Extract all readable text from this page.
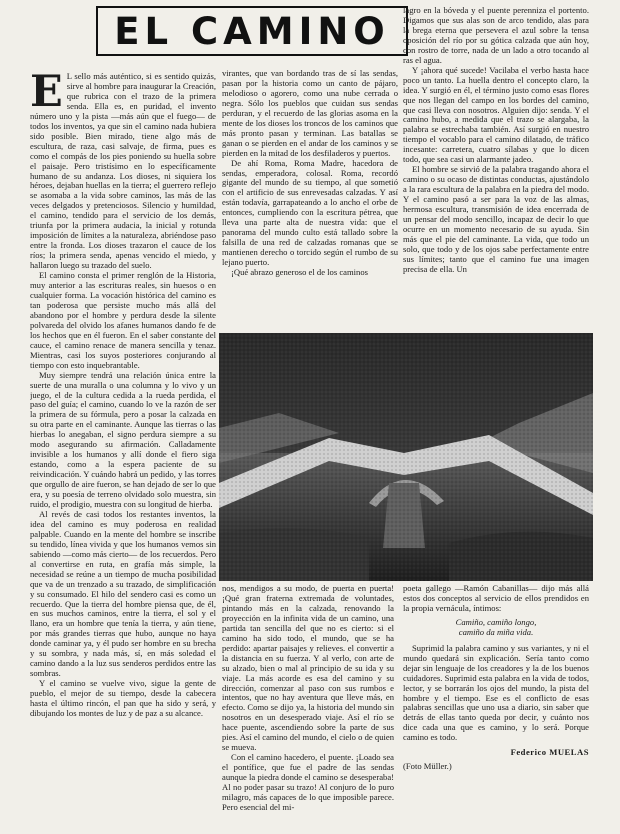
EL CAMINO

E L sello más auténtico, si es sentido quizás, sirve al hombre para inaugurar la Creación, que rubrica con el trazo de la primera senda. Ella es, en puridad, el invento número uno y la pista —más aún que el fuego— de todos los inventos, ya que sin el camino nada hubiera sido posible. Bien mirado, tiene algo más de escultura, de raza, casi salvaje, de firma, pues es como el compás de los pies poniendo su huella sobre el paisaje. Pero tristísimo en lo específicamente humano de su andanza. Los dioses, ni siquiera los héroes, dejaban huellas en la tierra; el guerrero reflejo se asomaba a la vida sobre caminos, las más de las veces delgados y pretenciosos. Silencio y humildad, el camino, tendido para el servicio de los demás, triunfa por la primera audacia, la inicial y rotunda imposición de límites a la naturaleza, abriéndose paso entre la fronda. Los dioses trazaron el cauce de los ríos; la primera senda, apenas vencido el miedo, y hallaron luego su trazado del suelo.

El camino consta el primer renglón de la Historia, muy anterior a las escrituras reales, sin huesos o en cualquier forma. La vocación histórica del camino es tan poderosa que persiste mucho más allá del abandono por el hombre y perdura desde la silente polvareda del olvido los afanes humanos dando fe de los hechos que en él fueron. En el saber constante del cauce, el camino renace de manera sencilla y tenaz. Mientras, casi los suyos posteriores conjurando al tiempo con esto inquebrantable.

Muy siempre tendrá una relación única entre la suerte de una muralla o una columna y lo vivo y un juego, el de la cultura cedida a la rueda perdida, el paso del guía; el camino, cuando lo ve la razón de ser la primera de su fórmula, pero a posar la calzada en su otra parte en el caminante. Aunque las tierras o las hierbas lo anegaban, el signo perdura siempre a su modo asegurando su afirmación. Calladamente invisible a los humanos y allí donde el fiero siga estando, como a la espera paciente de su reivindicación. Y cuándo habrá un pedido, y las torres que orgullo de aire fueron, se han dejado de ser lo que era, y su poesía de terreno olvidado solo muestra, sin ruido, el prodigio, muestra con su longitud de hierba.

Al revés de casi todos los restantes inventos, la idea del camino es muy poderosa en realidad palpable. Cuando en la mente del hombre se inscribe su tendido, línea vivida y que los humanos vemos sin sabiendo —como más cierto— de los recuerdos. Pero al convertirse en ruta, en grafía más simple, la necesidad se reúne a un tiempo de mucha posibilidad que va de un trenzado a su trazado, de simplificación y su consumado. El hilo del sendero casi es como un recuerdo. Que la tierra del hombre piensa que, de él, en sus muchos caminos, entre la tierra, el sol y el llano, era un hombre que tenía la tierra, y aún tiene, por más grandes tierras que hubo, aunque no haya donde caminar ya, y él pudo ser hombre en su brecha y su sombra, y nada más, sí, en más soledad el camino dando a la luz sus senderos perdidos entre las sombras.

Y el camino se vuelve vivo, sigue la gente de pueblo, el mejor de su tiempo, desde la cabecera hasta el último rincón, el pan que ha sido y será, y dibujando los montes de luz y de paz a su alcance.

virantes, que van bordando tras de sí las sendas, pasan por la historia como un canto de pájaro, melodioso o agorero, como una nube cerrada o negra. Sólo los pueblos que cuidan sus sendas perduran, y el recuerdo de las glorias asoma en la mente de los dioses los troncos de los caminos que más pronto pasan y terminan. Las batallas se ganan o se pierden en el andar de los caminos y se pierden en la mitad de los desfiladeros y puertos.

De ahí Roma, Roma Madre, hacedora de sendas, emperadora, colosal. Roma, recordó gigante del mundo de su tiempo, al que sometió con el artificio de sus enrevesadas calzadas. Y así están todavía, garrapateando a lo ancho el orbe de entonces, cumpliendo con la escritura pétrea, que lleva una parte alta de nuestra vida: que el panorama del mundo culto está tallado sobre la falsilla de una red de calzadas romanas que se mantienen derecho o torcido según el rumbo de su lejano puerto.

¡Qué abrazo generoso el de los caminos

lagro en la bóveda y el puente perenniza el portento. Digamos que sus alas son de arco tendido, alas para la brega eterna que persevera el azul sobre la tensa oposición del río por su gótica calzada que aún hoy, con rostro de torre, nada de un lado a otro tocando al ras el agua.

Y ¡ahora qué sucede! Vacilaba el verbo hasta hace poco un tanto. La huella dentro el concepto claro, la idea. Y surgió en él, el término justo como esas flores que nos llegan del campo en los bordes del camino, que casi lleva con nosotros. Alguien dijo: senda. Y el camino hubo, a medida que el trazo se alargaba, la palabra se estrechaba también. Así surgió en nuestro tiempo el vocablo para el camino dilatado, de tráfico incesante: carretera, cuatro sílabas y que lo dicen todo, que sea casi un alarmante jadeo.

El hombre se sirvió de la palabra tragando ahora el camino o su ocaso de distintas conductas, ajustándolo a la rara escultura de la palabra en la piedra del modo. Y el camino pasó a ser para la voz de las almas, hermosa escultura, transmisión de idea encerrada de un pensar del modo sencillo, incapaz de decir lo que ocurre en un momento necesario de su ayuda. Sin más que el pie del caminante. La vida, que todo un solo, que todo y de los ojos sabe perfectamente entre sus límites; tanto que el camino fue una imagen precisa de ella. Un

nos, mendigos a su modo, de puerta en puerta! ¡Qué gran fraterna extremada de voluntades, pintando más en la calzada, renovando la proyección en la infinita vida de un camino, una partida tan sencilla del que no es cierto: si el camino ha sido todo, el mundo, que se ha perdido: apartar paisajes y relieves. el convertir a la distancia en su fuerza. Y al verlo, con arte de su alzado, bien o mal al principio de su ida y su viaje. La más acorde es esa del camino y su dirección, comenzar al paso con sus rumbos e intentos, que no hay aventura que lleve más, en efecto. Como se dijo ya, la historia del mundo sin nosotros en un desesperado viaje. Así el río se hace puente, ascendiendo sobre la parte de sus pies. Así el camino del mundo, el cielo o de quien se mueva.

Con el camino hacedero, el puente. ¡Loado sea el pontífice, que fue el padre de las sendas aunque la piedra donde el camino se desesperaba! Al no poder pasar su trazo! Al conjuro de lo puro milagro, más capaces de lo que imposible parece. Pero esencial del mi-

poeta gallego —Ramón Cabanillas— dijo más allá estos dos conceptos al servicio de ellos prendidos en la propia vernácula, íntimos:

Camiño, camiño longo,
camiño da miña vida.

Suprimid la palabra camino y sus variantes, y ni el mundo quedará sin explicación. Sería tanto como dejar sin lenguaje de los creadores y la de los buenos cuidadores. Suprimid esta palabra en la vida de todos, lector, y se borrarán los ojos del mundo, la pista del hombre y el tiempo. Ese es el conflicto de esas palabras sencillas que uno usa a diario, sin saber que detrás de ellas tanto queda por decir, y cuánto nos dice cada una que es camino, y lo será. Porque camino es todo.

Federico MUELAS

(Foto Müller.)
